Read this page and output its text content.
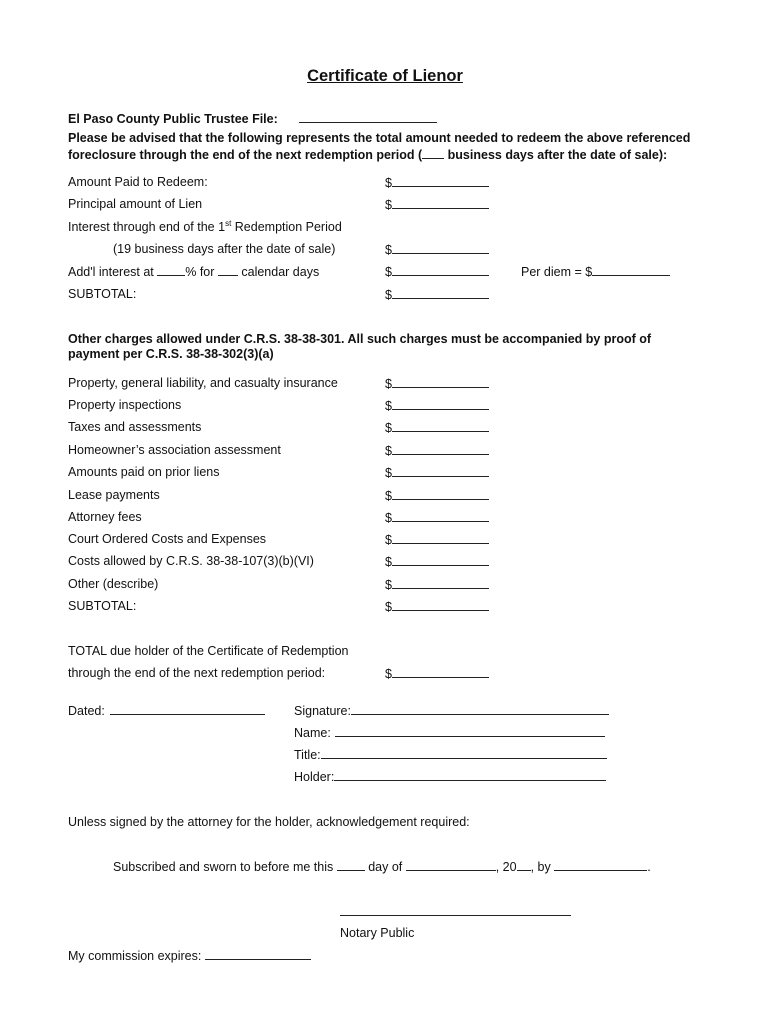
Certificate of Lienor
El Paso County Public Trustee File:
Please be advised that the following represents the total amount needed to redeem the above referenced
foreclosure through the end of the next redemption period ( business days after the date of sale):
Amount Paid to Redeem:	$
Principal amount of Lien	$
Interest through end of the 1st Redemption Period
(19 business days after the date of sale)	$
Add'l interest at % for  calendar days	$	Per diem = $
SUBTOTAL:	$
Other charges allowed under C.R.S. 38-38-301. All such charges must be accompanied by proof of
payment per C.R.S. 38-38-302(3)(a)
Property, general liability, and casualty insurance	$
Property inspections	$
Taxes and assessments	$
Homeowner’s association assessment	$
Amounts paid on prior liens	$
Lease payments	$
Attorney fees	$
Court Ordered Costs and Expenses	$
Costs allowed by C.R.S. 38-38-107(3)(b)(VI)	$
Other (describe)	$
SUBTOTAL:	$
TOTAL due holder of the Certificate of Redemption
through the end of the next redemption period:	$
Dated:	Signature:
Name:
Title:
Holder:
Unless signed by the attorney for the holder, acknowledgement required:
Subscribed and sworn to before me this  day of	, 20 , by	.
Notary Public
My commission expires:
